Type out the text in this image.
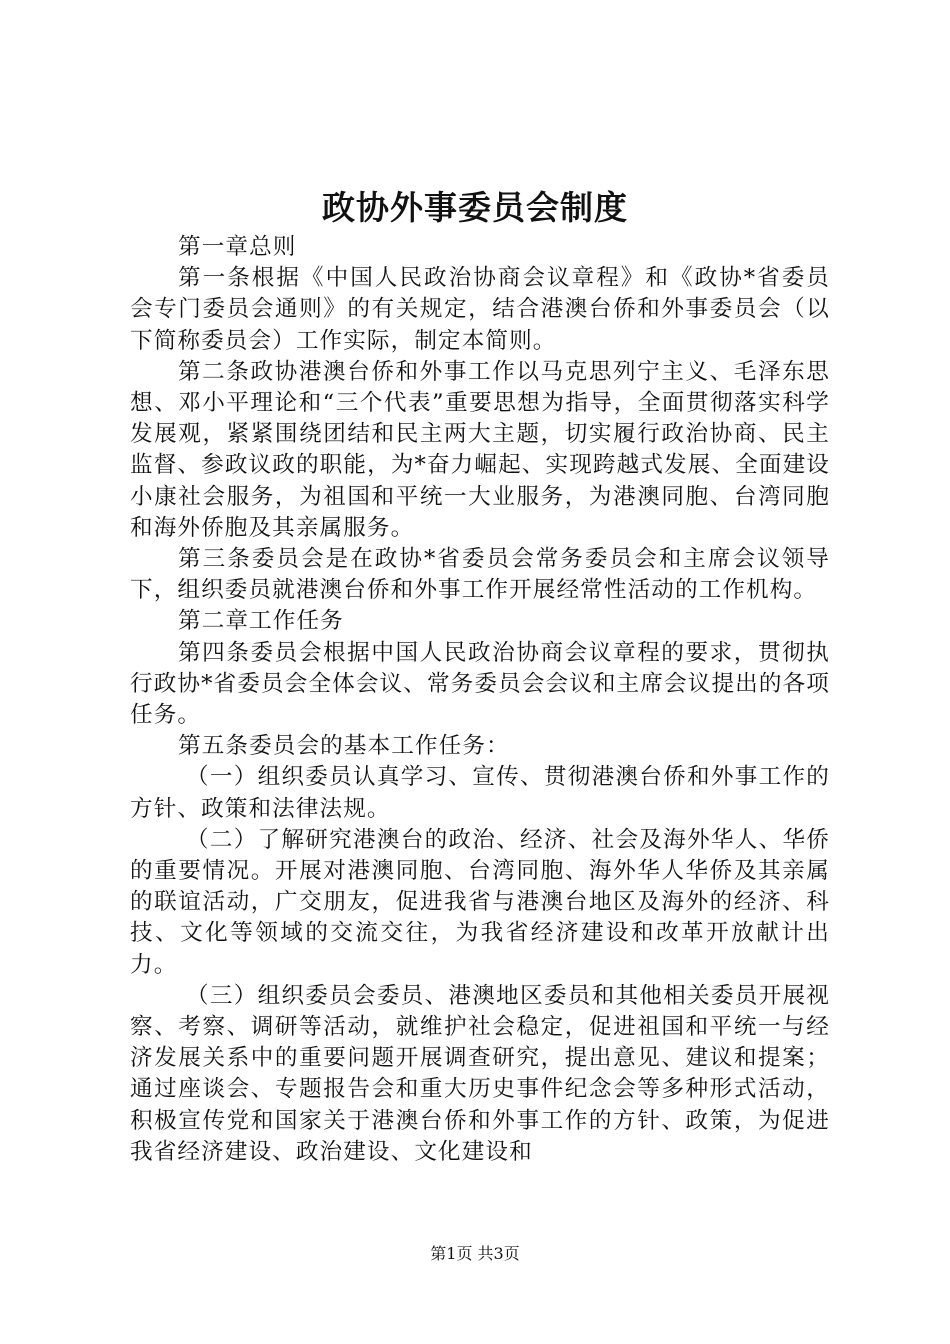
政协外事委员会制度

第一章总则

第一条根据《中国人民政治协商会议章程》和《政协*省委员会专门委员会通则》的有关规定，结合港澳台侨和外事委员会（以下简称委员会）工作实际，制定本简则。

第二条政协港澳台侨和外事工作以马克思列宁主义、毛泽东思想、邓小平理论和“三个代表”重要思想为指导，全面贯彻落实科学发展观，紧紧围绕团结和民主两大主题，切实履行政治协商、民主监督、参政议政的职能，为*奋力崛起、实现跨越式发展、全面建设小康社会服务，为祖国和平统一大业服务，为港澳同胞、台湾同胞和海外侨胞及其亲属服务。

第三条委员会是在政协*省委员会常务委员会和主席会议领导下，组织委员就港澳台侨和外事工作开展经常性活动的工作机构。

第二章工作任务

第四条委员会根据中国人民政治协商会议章程的要求，贯彻执行政协*省委员会全体会议、常务委员会会议和主席会议提出的各项任务。

第五条委员会的基本工作任务：

（一）组织委员认真学习、宣传、贯彻港澳台侨和外事工作的方针、政策和法律法规。

（二）了解研究港澳台的政治、经济、社会及海外华人、华侨的重要情况。开展对港澳同胞、台湾同胞、海外华人华侨及其亲属的联谊活动，广交朋友，促进我省与港澳台地区及海外的经济、科技、文化等领域的交流交往，为我省经济建设和改革开放献计出力。

（三）组织委员会委员、港澳地区委员和其他相关委员开展视察、考察、调研等活动，就维护社会稳定，促进祖国和平统一与经济发展关系中的重要问题开展调查研究，提出意见、建议和提案；通过座谈会、专题报告会和重大历史事件纪念会等多种形式活动，积极宣传党和国家关于港澳台侨和外事工作的方针、政策，为促进我省经济建设、政治建设、文化建设和

第1页 共3页
